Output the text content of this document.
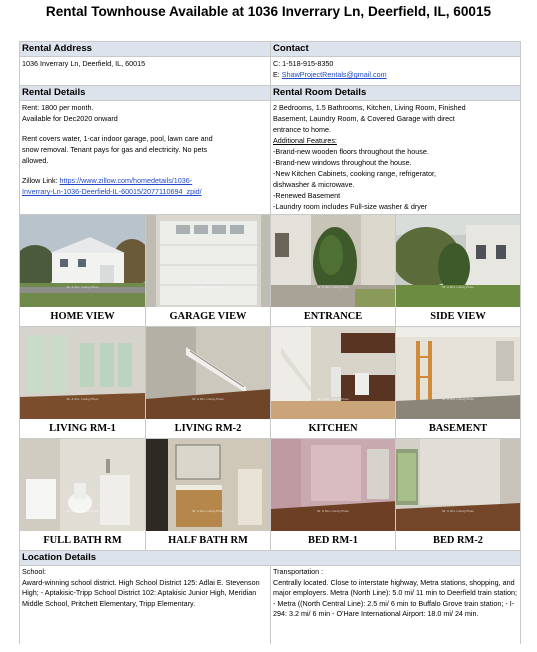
Rental Townhouse Available at 1036 Inverrary Ln, Deerfield, IL, 60015
Rental Address
1036 Inverrary Ln, Deerfield, IL, 60015
Contact
C: 1-518-915-8350
E: ShawProjectRentals@gmail.com
Rental Details
Rent: 1800 per month.
Available for Dec2020 onward
Rent covers water, 1-car indoor garage, pool, lawn care and
snow removal. Tenant pays for gas and electricity. No pets
allowed.
Zillow Link: https://www.zillow.com/homedetails/1036-
Inverrary-Ln-1036-Deerfield-IL-60015/2077110694_zpid/
Rental Room Details
2 Bedrooms, 1.5 Bathrooms, Kitchen, Living Room, Finished
Basement, Laundry Room, & Covered Garage with direct
entrance to home.
Additional Features:
-Brand-new wooden floors throughout the house.
-Brand-new windows throughout the house.
-New Kitchen Cabinets, cooking range, refrigerator,
dishwasher & microwave.
-Renewed Basement
-Laundry room includes Full-size washer & dryer
Mr. & Mrs. Listing Photo
HOME VIEW
Mr. & Mrs. Listing Photo
GARAGE VIEW
Mr. & Mrs. Listing Photo
ENTRANCE
Mr. & Mrs. Listing Photo
SIDE VIEW
Mr. & Mrs. Listing Photo
LIVING RM-1
Mr. & Mrs. Listing Photo
LIVING RM-2
Mr. & Mrs. Listing Photo
KITCHEN
Mr. & Mrs. Listing Photo
BASEMENT
Mr. & Mrs. Listing Photo
FULL BATH RM
Mr. & Mrs. Listing Photo
HALF BATH RM
Mr. & Mrs. Listing Photo
BED RM-1
Mr. & Mrs. Listing Photo
BED RM-2
Location Details
School:
Award-winning school district. High School District 125: Adlai E. Stevenson High; - Aptakisic-Tripp School District 102: Aptakisic Junior High, Meridian Middle School, Pritchett Elementary, Tripp Elementary.
Transportation :
Centrally located. Close to interstate highway, Metra stations, shopping, and major employers. Metra (North Line): 5.0 mi/ 11 min to Deerfield train station; - Metra ((North Central Line): 2.5 mi/ 6 min to Buffalo Grove train station; - I-294: 3.2 mi/ 6 min - O'Hare International Airport: 18.0 mi/ 24 min.
